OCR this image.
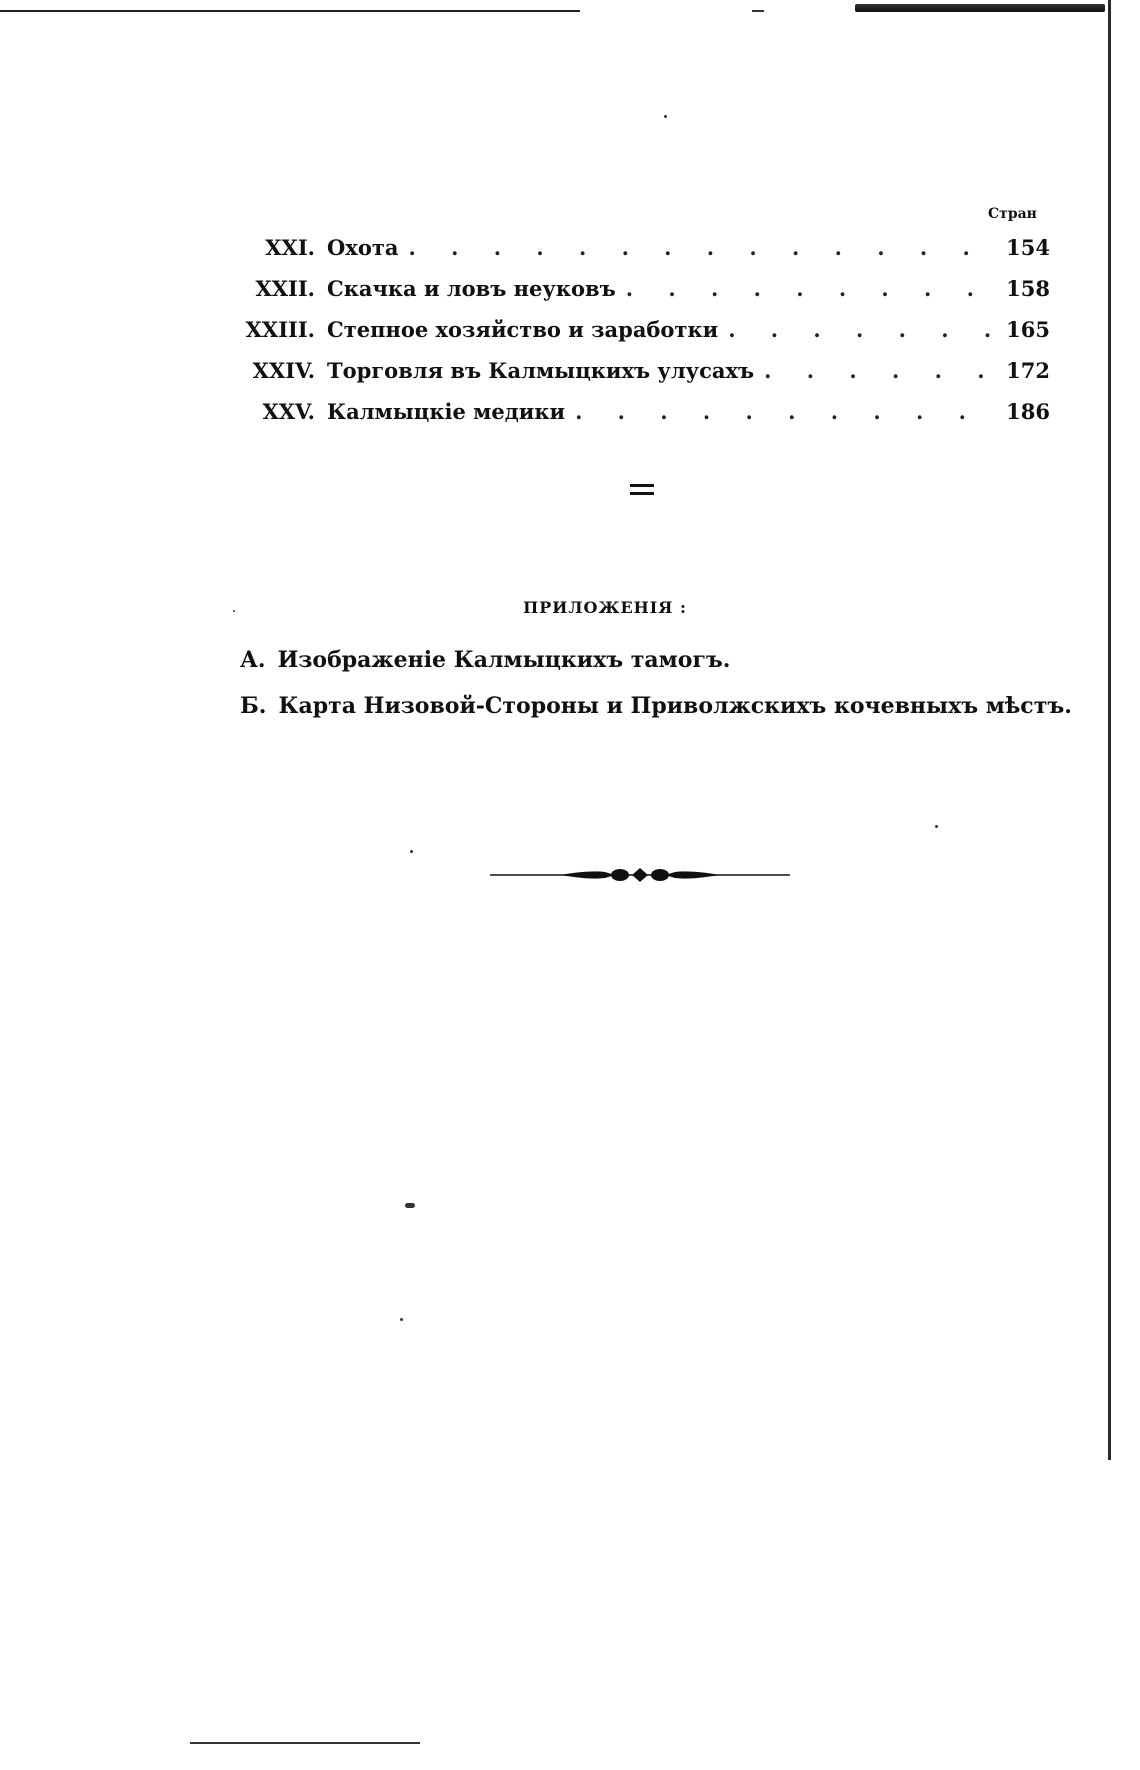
Стран
XXI. Охота . . .	154
XXII. Скачка и ловъ неуковъ . . .	158
XXIII. Степное хозяйство и заработки . . .	165
XXIV. Торговля въ Калмыцкихъ улусахъ . . .	172
XXV. Калмыцкіе медики . . .	186
ПРИЛОЖЕНІЯ :
А. Изображеніе Калмыцкихъ тамогъ.
Б. Карта Низовой-Стороны и Приволжскихъ кочевныхъ мѣстъ.
